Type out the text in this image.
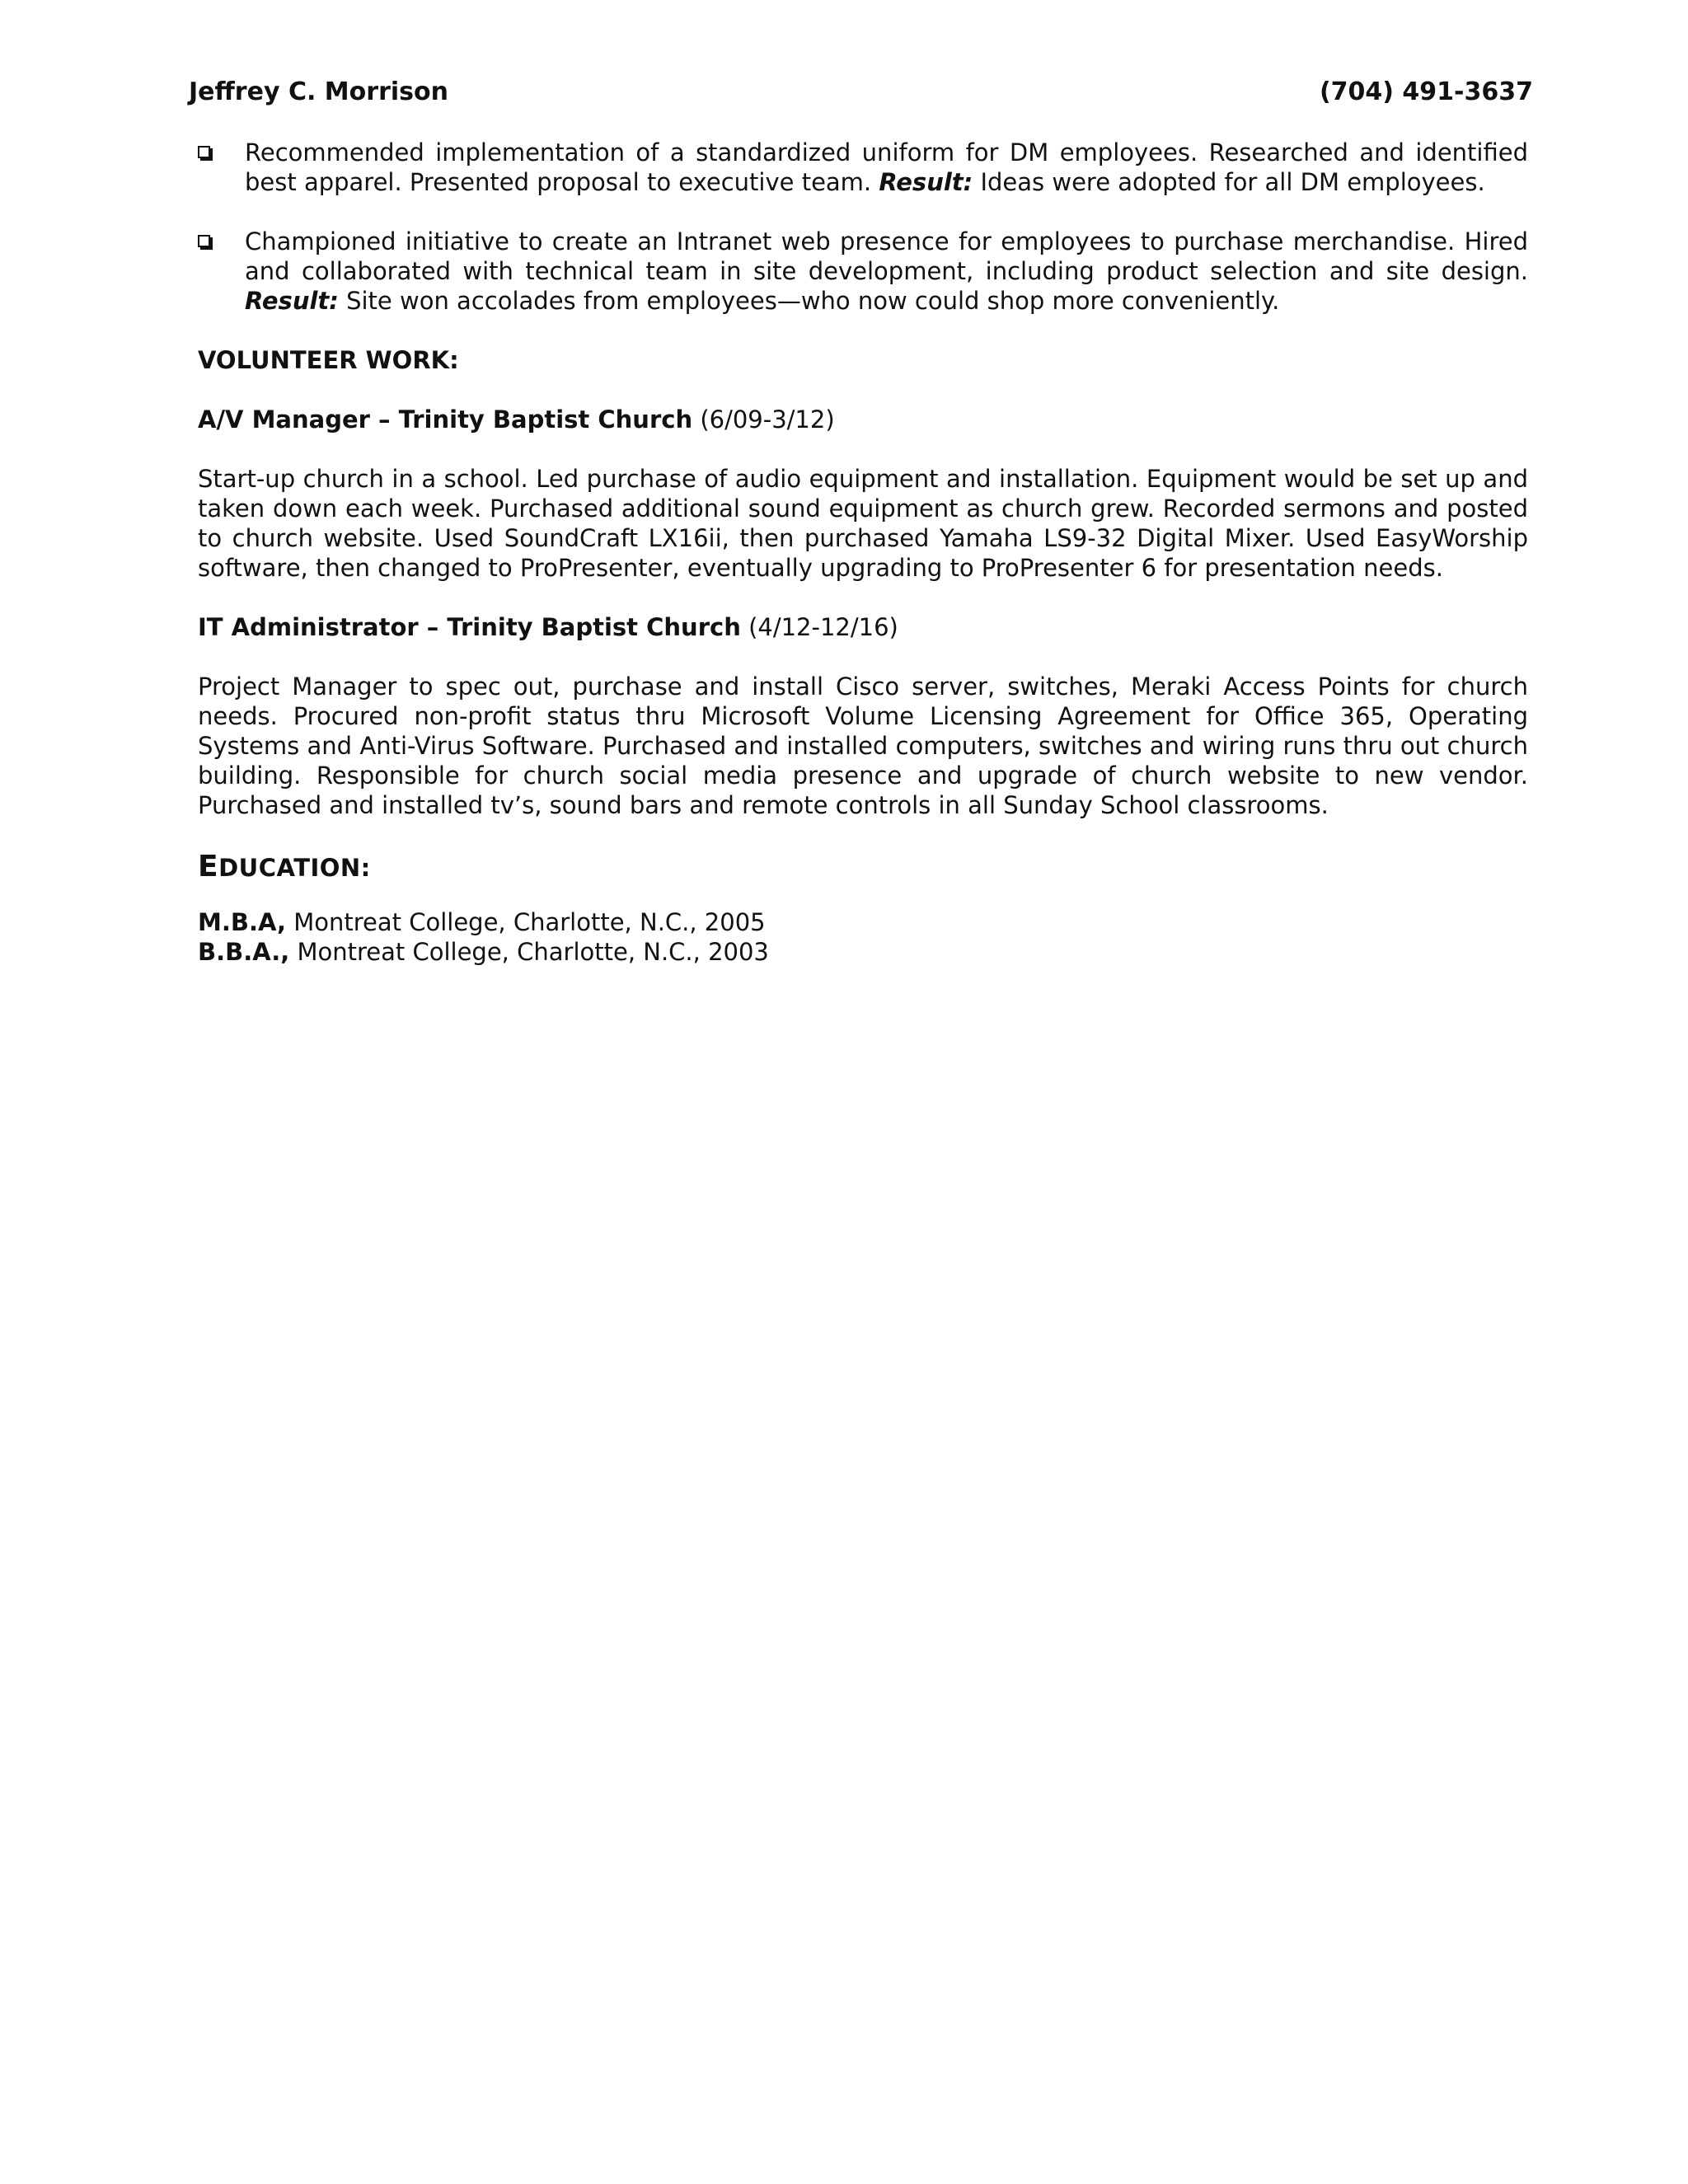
Jeffrey C. Morrison	(704) 491-3637
Recommended implementation of a standardized uniform for DM employees. Researched and identified best apparel. Presented proposal to executive team. Result: Ideas were adopted for all DM employees.
Championed initiative to create an Intranet web presence for employees to purchase merchandise. Hired and collaborated with technical team in site development, including product selection and site design. Result: Site won accolades from employees—who now could shop more conveniently.
VOLUNTEER WORK:
A/V Manager – Trinity Baptist Church (6/09-3/12)
Start-up church in a school. Led purchase of audio equipment and installation. Equipment would be set up and taken down each week. Purchased additional sound equipment as church grew. Recorded sermons and posted to church website. Used SoundCraft LX16ii, then purchased Yamaha LS9-32 Digital Mixer. Used EasyWorship software, then changed to ProPresenter, eventually upgrading to ProPresenter 6 for presentation needs.
IT Administrator – Trinity Baptist Church (4/12-12/16)
Project Manager to spec out, purchase and install Cisco server, switches, Meraki Access Points for church needs. Procured non-profit status thru Microsoft Volume Licensing Agreement for Office 365, Operating Systems and Anti-Virus Software. Purchased and installed computers, switches and wiring runs thru out church building. Responsible for church social media presence and upgrade of church website to new vendor. Purchased and installed tv’s, sound bars and remote controls in all Sunday School classrooms.
EDUCATION:
M.B.A, Montreat College, Charlotte, N.C., 2005
B.B.A., Montreat College, Charlotte, N.C., 2003
